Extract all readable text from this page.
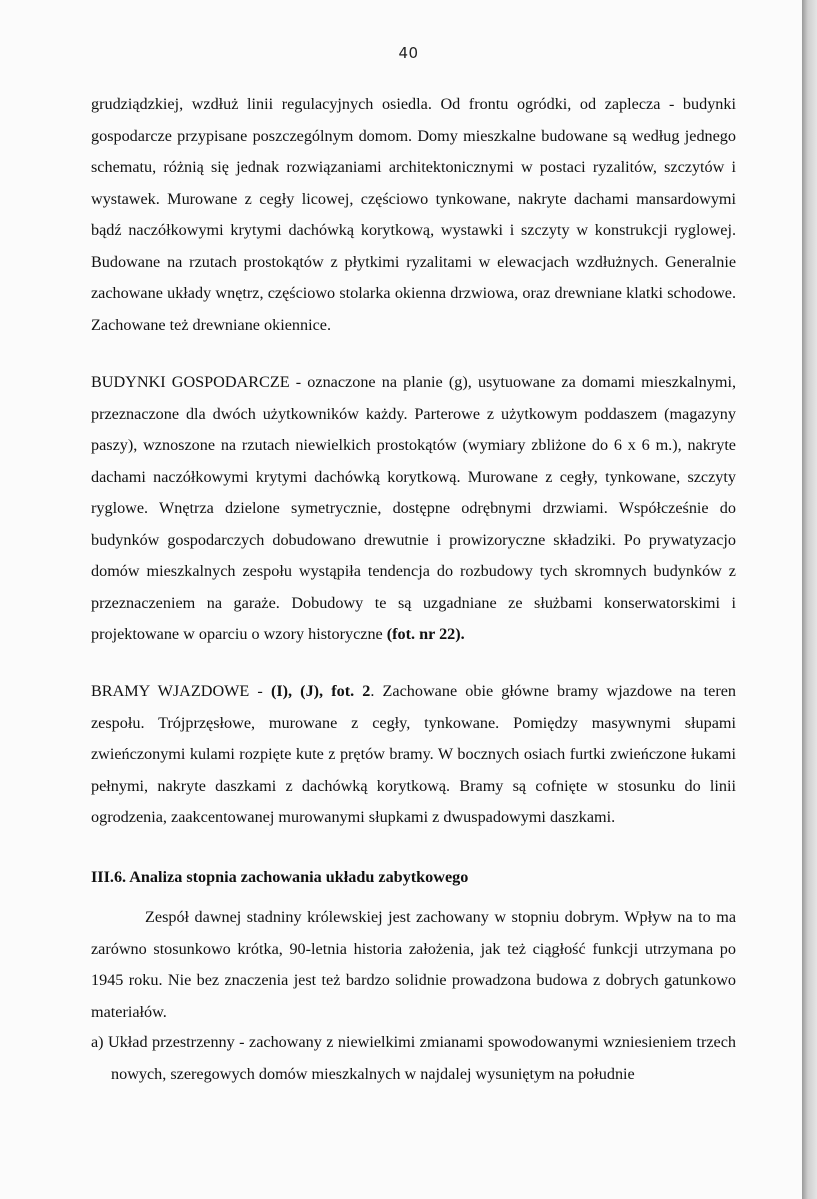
40

grudziądzkiej, wzdłuż linii regulacyjnych osiedla. Od frontu ogródki, od zaplecza - budynki gospodarcze przypisane poszczególnym domom. Domy mieszkalne budowane są według jednego schematu, różnią się jednak rozwiązaniami architektonicznymi w postaci ryzalitów, szczytów i wystawek. Murowane z cegły licowej, częściowo tynkowane, nakryte dachami mansardowymi bądź naczółkowymi krytymi dachówką korytkową, wystawki i szczyty w konstrukcji ryglowej. Budowane na rzutach prostokątów z płytkimi ryzalitami w elewacjach wzdłużnych. Generalnie zachowane układy wnętrz, częściowo stolarka okienna drzwiowa, oraz drewniane klatki schodowe. Zachowane też drewniane okiennice.

BUDYNKI GOSPODARCZE - oznaczone na planie (g), usytuowane za domami mieszkalnymi, przeznaczone dla dwóch użytkowników każdy. Parterowe z użytkowym poddaszem (magazyny paszy), wznoszone na rzutach niewielkich prostokątów (wymiary zbliżone do 6 x 6 m.), nakryte dachami naczółkowymi krytymi dachówką korytkową. Murowane z cegły, tynkowane, szczyty ryglowe. Wnętrza dzielone symetrycznie, dostępne odrębnymi drzwiami. Współcześnie do budynków gospodarczych dobudowano drewutnie i prowizoryczne składziki. Po prywatyzacjo domów mieszkalnych zespołu wystąpiła tendencja do rozbudowy tych skromnych budynków z przeznaczeniem na garaże. Dobudowy te są uzgadniane ze służbami konserwatorskimi i projektowane w oparciu o wzory historyczne (fot. nr 22).

BRAMY WJAZDOWE - (I), (J), fot. 2. Zachowane obie główne bramy wjazdowe na teren zespołu. Trójprzęsłowe, murowane z cegły, tynkowane. Pomiędzy masywnymi słupami zwieńczonymi kulami rozpięte kute z prętów bramy. W bocznych osiach furtki zwieńczone łukami pełnymi, nakryte daszkami z dachówką korytkową. Bramy są cofnięte w stosunku do linii ogrodzenia, zaakcentowanej murowanymi słupkami z dwuspadowymi daszkami.

III.6. Analiza stopnia zachowania układu zabytkowego

Zespół dawnej stadniny królewskiej jest zachowany w stopniu dobrym. Wpływ na to ma zarówno stosunkowo krótka, 90-letnia historia założenia, jak też ciągłość funkcji utrzymana po 1945 roku. Nie bez znaczenia jest też bardzo solidnie prowadzona budowa z dobrych gatunkowo materiałów.

a) Układ przestrzenny - zachowany z niewielkimi zmianami spowodowanymi wzniesieniem trzech nowych, szeregowych domów mieszkalnych w najdalej wysuniętym na południe
